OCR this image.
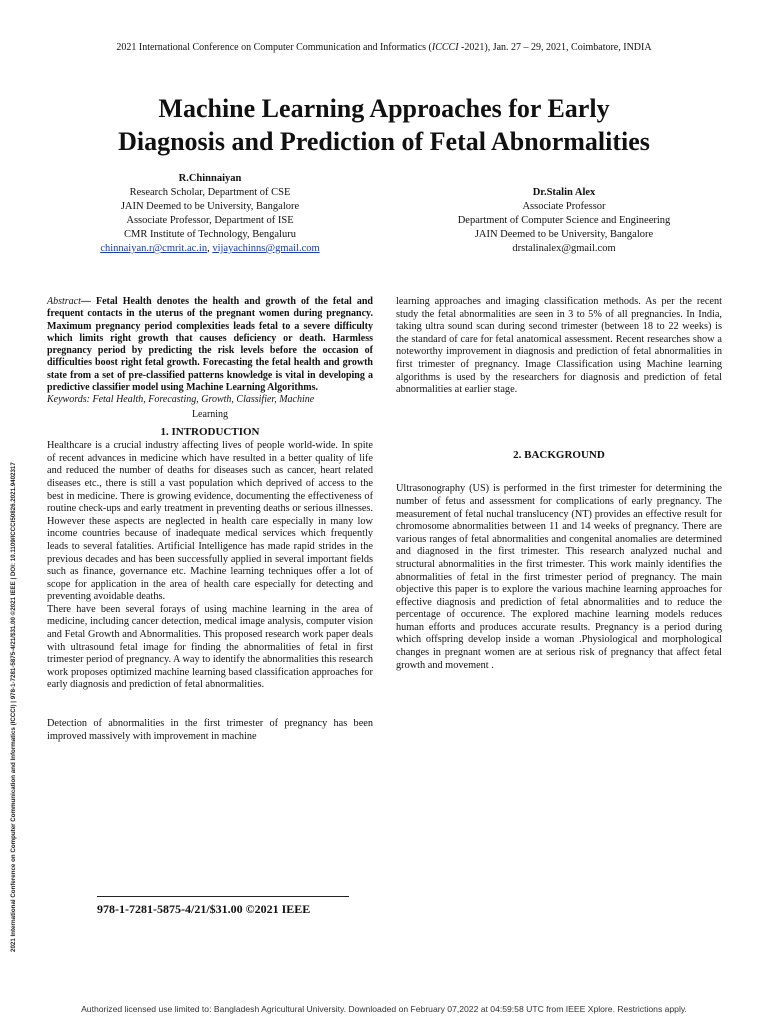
2021 International Conference on Computer Communication and Informatics (ICCCI -2021), Jan. 27 – 29, 2021, Coimbatore, INDIA
Machine Learning Approaches for Early
Diagnosis and Prediction of Fetal Abnormalities
R.Chinnaiyan
Research Scholar, Department of CSE
JAIN Deemed to be University, Bangalore
Associate Professor, Department of ISE
CMR Institute of Technology, Bengaluru
chinnaiyan.r@cmrit.ac.in, vijayachinns@gmail.com
Dr.Stalin Alex
Associate Professor
Department of Computer Science and Engineering
JAIN Deemed to be University, Bangalore
drstalinalex@gmail.com
2021 International Conference on Computer Communication and Informatics (ICCCI) | 978-1-7281-5875-4/21/$31.00 ©2021 IEEE | DOI: 10.1109/ICCCI50826.2021.9402317

Abstract— Fetal Health denotes the health and growth of the fetal and frequent contacts in the uterus of the pregnant women during pregnancy. Maximum pregnancy period complexities leads fetal to a severe difficulty which limits right growth that causes deficiency or death. Harmless pregnancy period by predicting the risk levels before the occasion of difficulties boost right fetal growth. Forecasting the fetal health and growth state from a set of pre-classified patterns knowledge is vital in developing a predictive classifier model using Machine Learning Algorithms.

Keywords: Fetal Health, Forecasting, Growth, Classifier, Machine
Learning
1. INTRODUCTION

Healthcare is a crucial industry affecting lives of people world-wide. In spite of recent advances in medicine which have resulted in a better quality of life and reduced the number of deaths for diseases such as cancer, heart related diseases etc., there is still a vast population which deprived of access to the best in medicine. There is growing evidence, documenting the effectiveness of routine check-ups and early treatment in preventing deaths or serious illnesses. However these aspects are neglected in health care especially in many low income countries because of inadequate medical services which frequently leads to several fatalities. Artificial Intelligence has made rapid strides in the previous decades and has been successfully applied in several important fields such as finance, governance etc. Machine learning techniques offer a lot of scope for application in the area of health care especially for detecting and preventing avoidable deaths.

There have been several forays of using machine learning in the area of medicine, including cancer detection, medical image analysis, computer vision and Fetal Growth and Abnormalities. This proposed research work paper deals with ultrasound fetal image for finding the abnormalities of fetal in first trimester period of pregnancy. A way to identify the abnormalities this research work proposes optimized machine learning based classification approaches for early diagnosis and prediction of fetal abnormalities.

Detection of abnormalities in the first trimester of pregnancy has been improved massively with improvement in machine

learning approaches and imaging classification methods. As per the recent study the fetal abnormalities are seen in 3 to 5% of all pregnancies. In India, taking ultra sound scan during second trimester (between 18 to 22 weeks) is the standard of care for fetal anatomical assessment. Recent researches show a noteworthy improvement in diagnosis and prediction of fetal abnormalities in first trimester of pregnancy. Image Classification using Machine learning algorithms is used by the researchers for diagnosis and prediction of fetal abnormalities at earlier stage.

2. BACKGROUND

Ultrasonography (US) is performed in the first trimester for determining the number of fetus and assessment for complications of early pregnancy. The measurement of fetal nuchal translucency (NT) provides an effective result for chromosome abnormalities between 11 and 14 weeks of pregnancy. There are various ranges of fetal abnormalities and congenital anomalies are determined and diagnosed in the first trimester. This research analyzed nuchal and structural abnormalities in the first trimester. This work mainly identifies the abnormalities of fetal in the first trimester period of pregnancy. The main objective this paper is to explore the various machine learning approaches for effective diagnosis and prediction of fetal abnormalities and to reduce the percentage of occurence. The explored machine learning models reduces human efforts and produces accurate results. Pregnancy is a period during which offspring develop inside a woman .Physiological and morphological changes in pregnant women are at serious risk of pregnancy that affect fetal growth and movement .

978-1-7281-5875-4/21/$31.00 ©2021 IEEE
Authorized licensed use limited to: Bangladesh Agricultural University. Downloaded on February 07,2022 at 04:59:58 UTC from IEEE Xplore. Restrictions apply.
